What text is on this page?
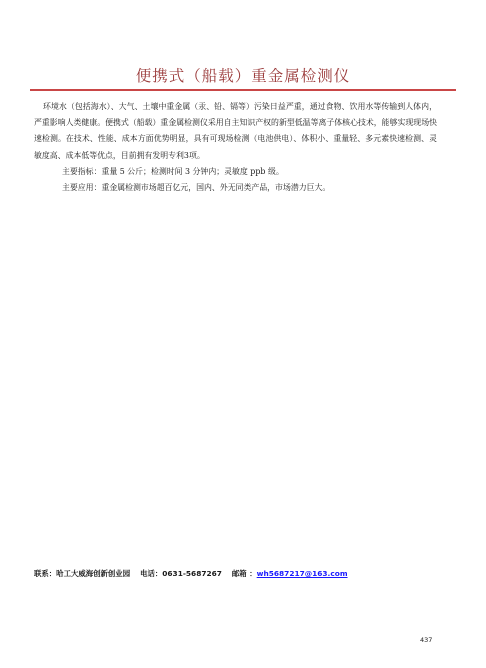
便携式（船载）重金属检测仪

环境水（包括海水）、大气、土壤中重金属（汞、铅、镉等）污染日益严重，通过食物、饮用水等传输到人体内，严重影响人类健康。便携式（船载）重金属检测仪采用自主知识产权的新型低温等离子体核心技术，能够实现现场快速检测。在技术、性能、成本方面优势明显，具有可现场检测（电池供电）、体积小、重量轻、多元素快速检测、灵敏度高、成本低等优点，目前拥有发明专利3项。

主要指标：重量 5 公斤；检测时间 3 分钟内；灵敏度 ppb 级。

主要应用：重金属检测市场超百亿元，国内、外无同类产品，市场潜力巨大。

联系：哈工大威海创新创业园 电话：0631-5687267 邮箱 ：wh5687217@163.com
437
